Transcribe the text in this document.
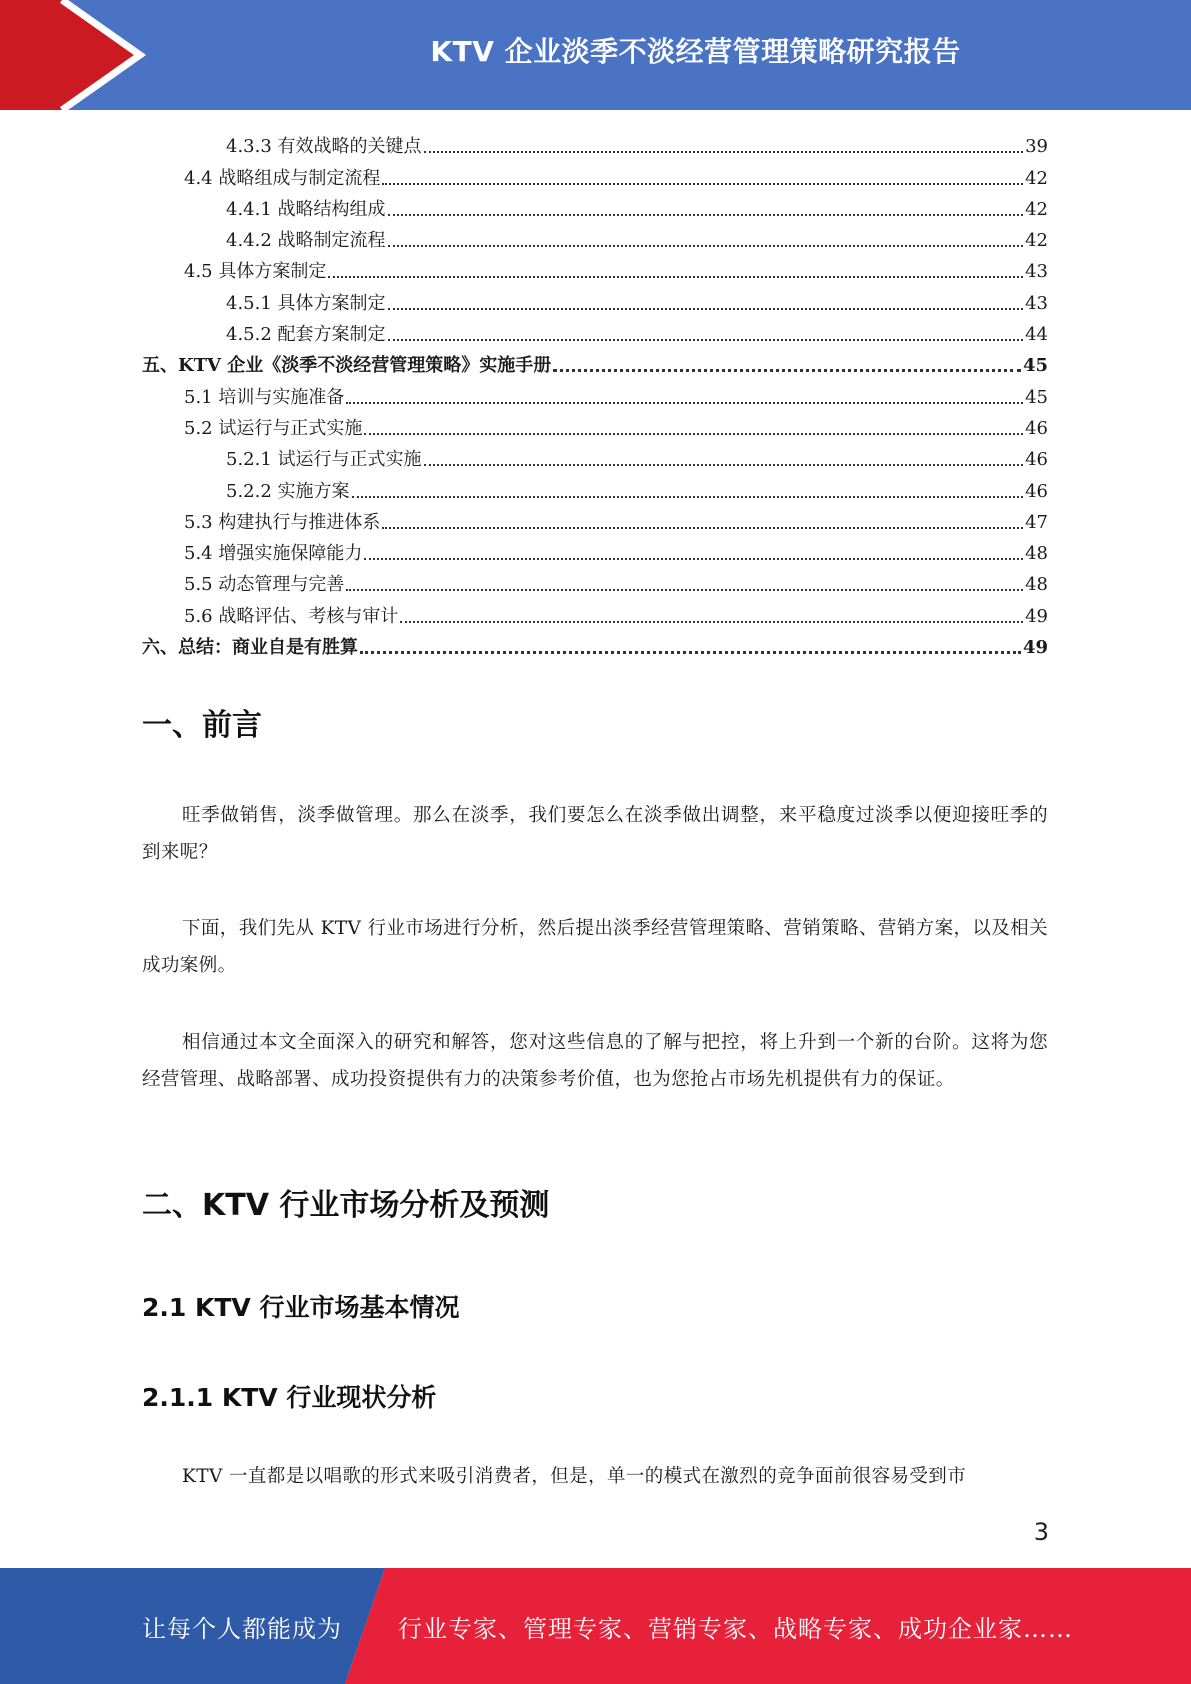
KTV 企业淡季不淡经营管理策略研究报告
4.3.3 有效战略的关键点	39
4.4 战略组成与制定流程	42
4.4.1 战略结构组成	42
4.4.2 战略制定流程	42
4.5 具体方案制定	43
4.5.1 具体方案制定	43
4.5.2 配套方案制定	44
五、KTV 企业《淡季不淡经营管理策略》实施手册	45
5.1 培训与实施准备	45
5.2 试运行与正式实施	46
5.2.1 试运行与正式实施	46
5.2.2 实施方案	46
5.3 构建执行与推进体系	47
5.4 增强实施保障能力	48
5.5 动态管理与完善	48
5.6 战略评估、考核与审计	49
六、总结：商业自是有胜算	49
一、前言

旺季做销售，淡季做管理。那么在淡季，我们要怎么在淡季做出调整，来平稳度过淡季以便迎接旺季的到来呢？

下面，我们先从 KTV 行业市场进行分析，然后提出淡季经营管理策略、营销策略、营销方案，以及相关成功案例。

相信通过本文全面深入的研究和解答，您对这些信息的了解与把控，将上升到一个新的台阶。这将为您经营管理、战略部署、成功投资提供有力的决策参考价值，也为您抢占市场先机提供有力的保证。

二、KTV 行业市场分析及预测
2.1 KTV 行业市场基本情况
2.1.1 KTV 行业现状分析

KTV 一直都是以唱歌的形式来吸引消费者，但是，单一的模式在激烈的竞争面前很容易受到市

3
让每个人都能成为 行业专家、管理专家、营销专家、战略专家、成功企业家……
